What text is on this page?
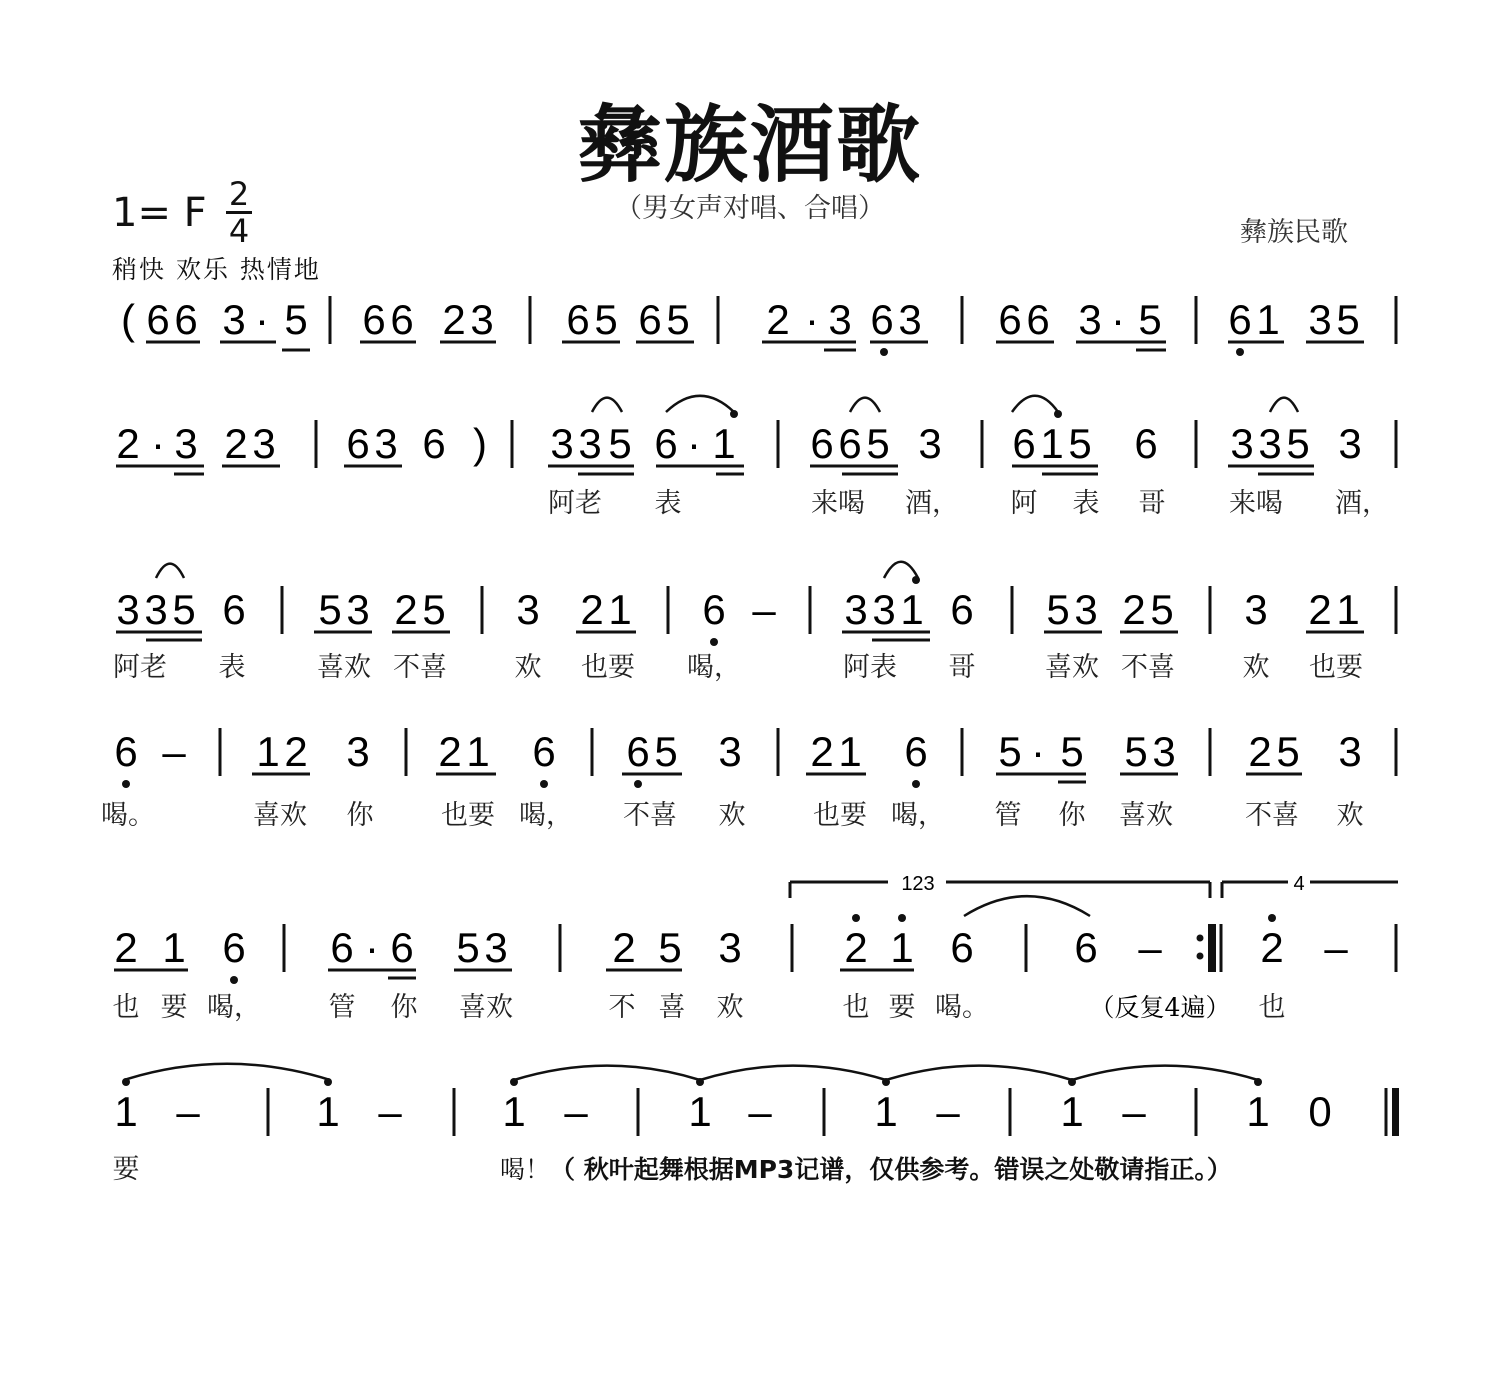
彝族酒歌
（男女声对唱、合唱）
彝族民歌
1= F 2
4
稍快 欢乐 热情地
123	4
( 6 6 3 · 5 6 6 2 3 6 5 6 5 2 · 3 6 3 6 6 3 · 5 6 1 3 5
2 · 3 2 3 6 3 6 ) 3 3 5 6 · 1 6 6 5 3 6 1 5 6 3 3 5 3
阿老 表	来喝 酒， 阿 表 哥 来喝 酒，
3 3 5 6 5 3 2 5 3 2 1 6 – 3 3 1 6 5 3 2 5 3 2 1
阿老 表	喜欢 不喜	欢 也要 喝，	阿表 哥	喜欢 不喜	欢 也要
6 – 1 2 3 2 1 6 6 5 3 2 1 6 5 · 5 5 3 2 5 3
喝。	喜欢 你	也要 喝， 不喜 欢	也要 喝， 管 你 喜欢	不喜 欢
2 1 6 6 · 6 5 3 2 5 3 2 1 6 6 – 2 –
也 要 喝，	管 你 喜欢	不 喜 欢	也 要 喝。	也
1 –	1 – 1 – 1 – 1 – 1 – 1 0
要
（反复4遍）
喝！（ 秋叶起舞根据MP3记谱，仅供参考。错误之处敬请指正。）
